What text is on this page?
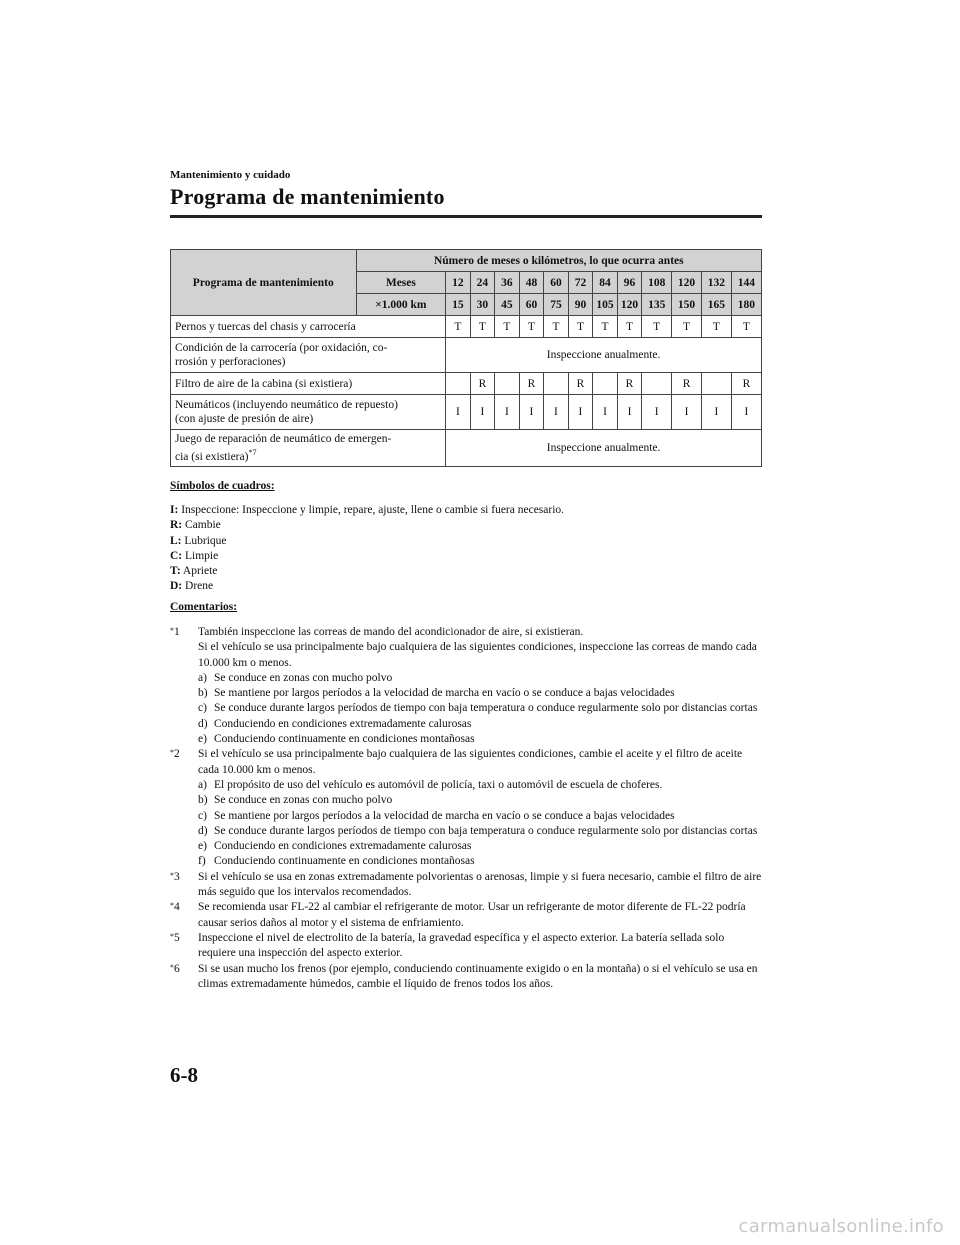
Mantenimiento y cuidado
Programa de mantenimiento
Programa de mantenimiento	Número de meses o kilómetros, lo que ocurra antes												
	Meses	12	24	36	48	60	72	84	96	108	120	132	144
	×1.000 km	15	30	45	60	75	90	105	120	135	150	165	180
Pernos y tuercas del chasis y carrocería		T	T	T	T	T	T	T	T	T	T	T	T

Condición de la carrocería (por oxidación, co-
rrosión y perforaciones)		Inspeccione anualmente.											
Filtro de aire de la cabina (si existiera)			R		R		R		R		R		R

Neumáticos (incluyendo neumático de repuesto)
(con ajuste de presión de aire)		I	I	I	I	I	I	I	I	I	I	I	I

Juego de reparación de neumático de emergen-
cia (si existiera)$^{*7}$		Inspeccione anualmente.											
Símbolos de cuadros:
I: Inspeccione: Inspeccione y limpie, repare, ajuste, llene o cambie si fuera necesario.
R: Cambie
L: Lubrique
C: Limpie
T: Apriete
D: Drene
Comentarios:
*1 También inspeccione las correas de mando del acondicionador de aire, si existieran.
Si el vehículo se usa principalmente bajo cualquiera de las siguientes condiciones, inspeccione las correas de mando cada 10.000 km o menos.
a) Se conduce en zonas con mucho polvo
b) Se mantiene por largos períodos a la velocidad de marcha en vacío o se conduce a bajas velocidades
c) Se conduce durante largos períodos de tiempo con baja temperatura o conduce regularmente solo por distancias cortas
d) Conduciendo en condiciones extremadamente calurosas
e) Conduciendo continuamente en condiciones montañosas
*2 Si el vehículo se usa principalmente bajo cualquiera de las siguientes condiciones, cambie el aceite y el filtro de aceite cada 10.000 km o menos.
a) El propósito de uso del vehículo es automóvil de policía, taxi o automóvil de escuela de choferes.
b) Se conduce en zonas con mucho polvo
c) Se mantiene por largos períodos a la velocidad de marcha en vacío o se conduce a bajas velocidades
d) Se conduce durante largos períodos de tiempo con baja temperatura o conduce regularmente solo por distancias cortas
e) Conduciendo en condiciones extremadamente calurosas
f) Conduciendo continuamente en condiciones montañosas
*3 Si el vehículo se usa en zonas extremadamente polvorientas o arenosas, limpie y si fuera necesario, cambie el filtro de aire más seguido que los intervalos recomendados.
*4 Se recomienda usar FL-22 al cambiar el refrigerante de motor. Usar un refrigerante de motor diferente de FL-22 podría causar serios daños al motor y el sistema de enfriamiento.
*5 Inspeccione el nivel de electrolito de la batería, la gravedad específica y el aspecto exterior. La batería sellada solo requiere una inspección del aspecto exterior.
*6 Si se usan mucho los frenos (por ejemplo, conduciendo continuamente exigido o en la montaña) o si el vehículo se usa en climas extremadamente húmedos, cambie el líquido de frenos todos los años.
6-8
carmanualsonline.info
